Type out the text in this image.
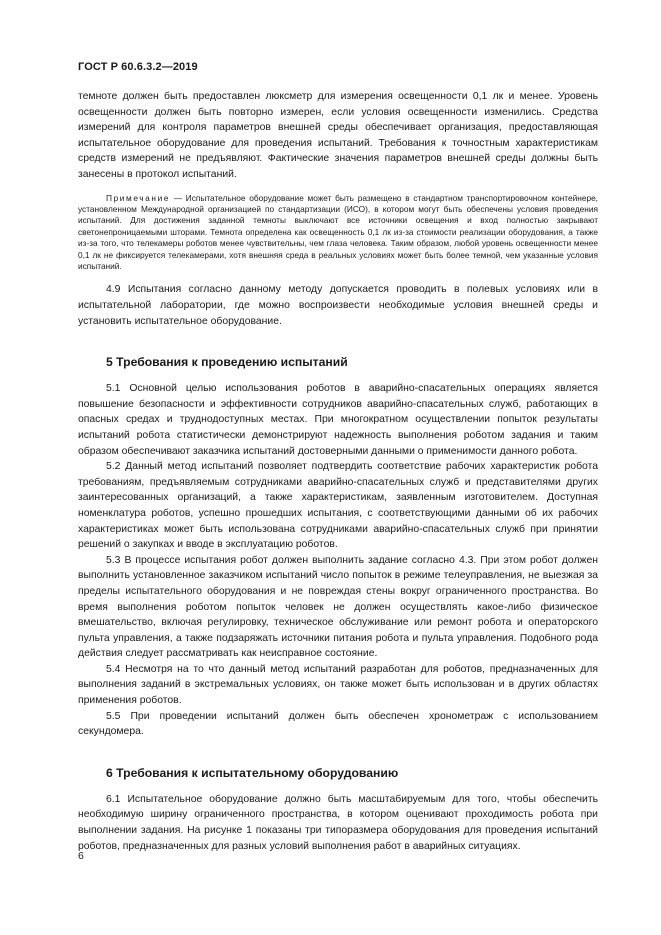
ГОСТ Р 60.6.3.2—2019

темноте должен быть предоставлен люксметр для измерения освещенности 0,1 лк и менее. Уровень освещенности должен быть повторно измерен, если условия освещенности изменились. Средства измерений для контроля параметров внешней среды обеспечивает организация, предоставляющая испытательное оборудование для проведения испытаний. Требования к точностным характеристикам средств измерений не предъявляют. Фактические значения параметров внешней среды должны быть занесены в протокол испытаний.

Примечание — Испытательное оборудование может быть размещено в стандартном транспортировочном контейнере, установленном Международной организацией по стандартизации (ИСО), в котором могут быть обеспечены условия проведения испытаний. Для достижения заданной темноты выключают все источники освещения и вход полностью закрывают светонепроницаемыми шторами. Темнота определена как освещенность 0,1 лк из-за стоимости реализации оборудования, а также из-за того, что телекамеры роботов менее чувствительны, чем глаза человека. Таким образом, любой уровень освещенности менее 0,1 лк не фиксируется телекамерами, хотя внешняя среда в реальных условиях может быть более темной, чем указанные условия испытаний.

4.9 Испытания согласно данному методу допускается проводить в полевых условиях или в испытательной лаборатории, где можно воспроизвести необходимые условия внешней среды и установить испытательное оборудование.

5 Требования к проведению испытаний

5.1 Основной целью использования роботов в аварийно-спасательных операциях является повышение безопасности и эффективности сотрудников аварийно-спасательных служб, работающих в опасных средах и труднодоступных местах. При многократном осуществлении попыток результаты испытаний робота статистически демонстрируют надежность выполнения роботом задания и таким образом обеспечивают заказчика испытаний достоверными данными о применимости данного робота.

5.2 Данный метод испытаний позволяет подтвердить соответствие рабочих характеристик робота требованиям, предъявляемым сотрудниками аварийно-спасательных служб и представителями других заинтересованных организаций, а также характеристикам, заявленным изготовителем. Доступная номенклатура роботов, успешно прошедших испытания, с соответствующими данными об их рабочих характеристиках может быть использована сотрудниками аварийно-спасательных служб при принятии решений о закупках и вводе в эксплуатацию роботов.

5.3 В процессе испытания робот должен выполнить задание согласно 4.3. При этом робот должен выполнить установленное заказчиком испытаний число попыток в режиме телеуправления, не выезжая за пределы испытательного оборудования и не повреждая стены вокруг ограниченного пространства. Во время выполнения роботом попыток человек не должен осуществлять какое-либо физическое вмешательство, включая регулировку, техническое обслуживание или ремонт робота и операторского пульта управления, а также подзаряжать источники питания робота и пульта управления. Подобного рода действия следует рассматривать как неисправное состояние.

5.4 Несмотря на то что данный метод испытаний разработан для роботов, предназначенных для выполнения заданий в экстремальных условиях, он также может быть использован и в других областях применения роботов.

5.5 При проведении испытаний должен быть обеспечен хронометраж с использованием секундомера.

6 Требования к испытательному оборудованию

6.1 Испытательное оборудование должно быть масштабируемым для того, чтобы обеспечить необходимую ширину ограниченного пространства, в котором оценивают проходимость робота при выполнении задания. На рисунке 1 показаны три типоразмера оборудования для проведения испытаний роботов, предназначенных для разных условий выполнения работ в аварийных ситуациях.

6
